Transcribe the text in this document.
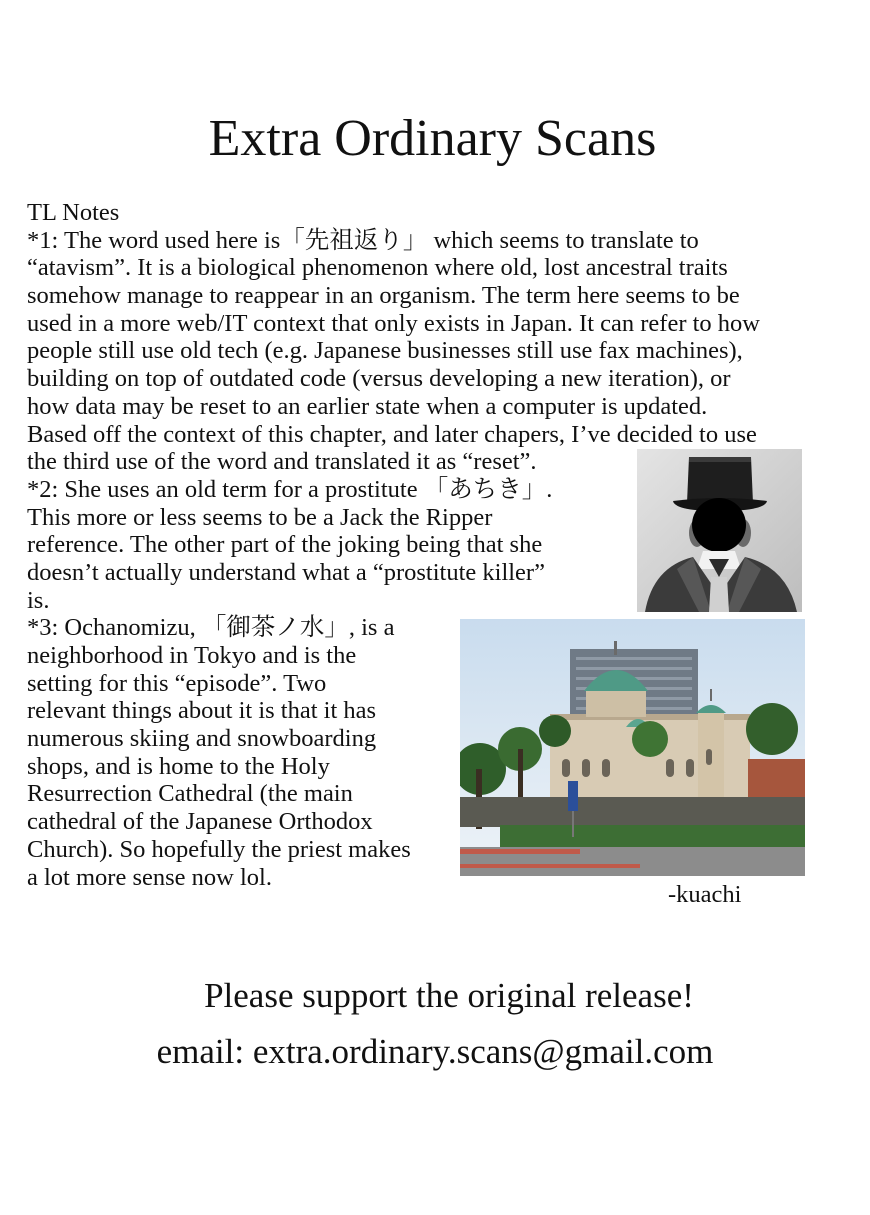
Extra Ordinary Scans
TL Notes
*1: The word used here is「先祖返り」 which seems to translate to
“atavism”. It is a biological phenomenon where old, lost ancestral traits
somehow manage to reappear in an organism. The term here seems to be
used in a more web/IT context that only exists in Japan. It can refer to how
people still use old tech (e.g. Japanese businesses still use fax machines),
building on top of outdated code (versus developing a new iteration), or
how data may be reset to an earlier state when a computer is updated.
Based off the context of this chapter, and later chapers, I’ve decided to use
the third use of the word and translated it as “reset”.
*2: She uses an old term for a prostitute 「あちき」.
This more or less seems to be a Jack the Ripper
reference. The other part of the joking being that she
doesn’t actually understand what a “prostitute killer”
is.
*3: Ochanomizu, 「御茶ノ水」, is a
neighborhood in Tokyo and is the
setting for this “episode”. Two
relevant things about it is that it has
numerous skiing and snowboarding
shops, and is home to the Holy
Resurrection Cathedral (the main
cathedral of the Japanese Orthodox
Church). So hopefully the priest makes
a lot more sense now lol.
-kuachi
Please support the original release!
email: extra.ordinary.scans@gmail.com
